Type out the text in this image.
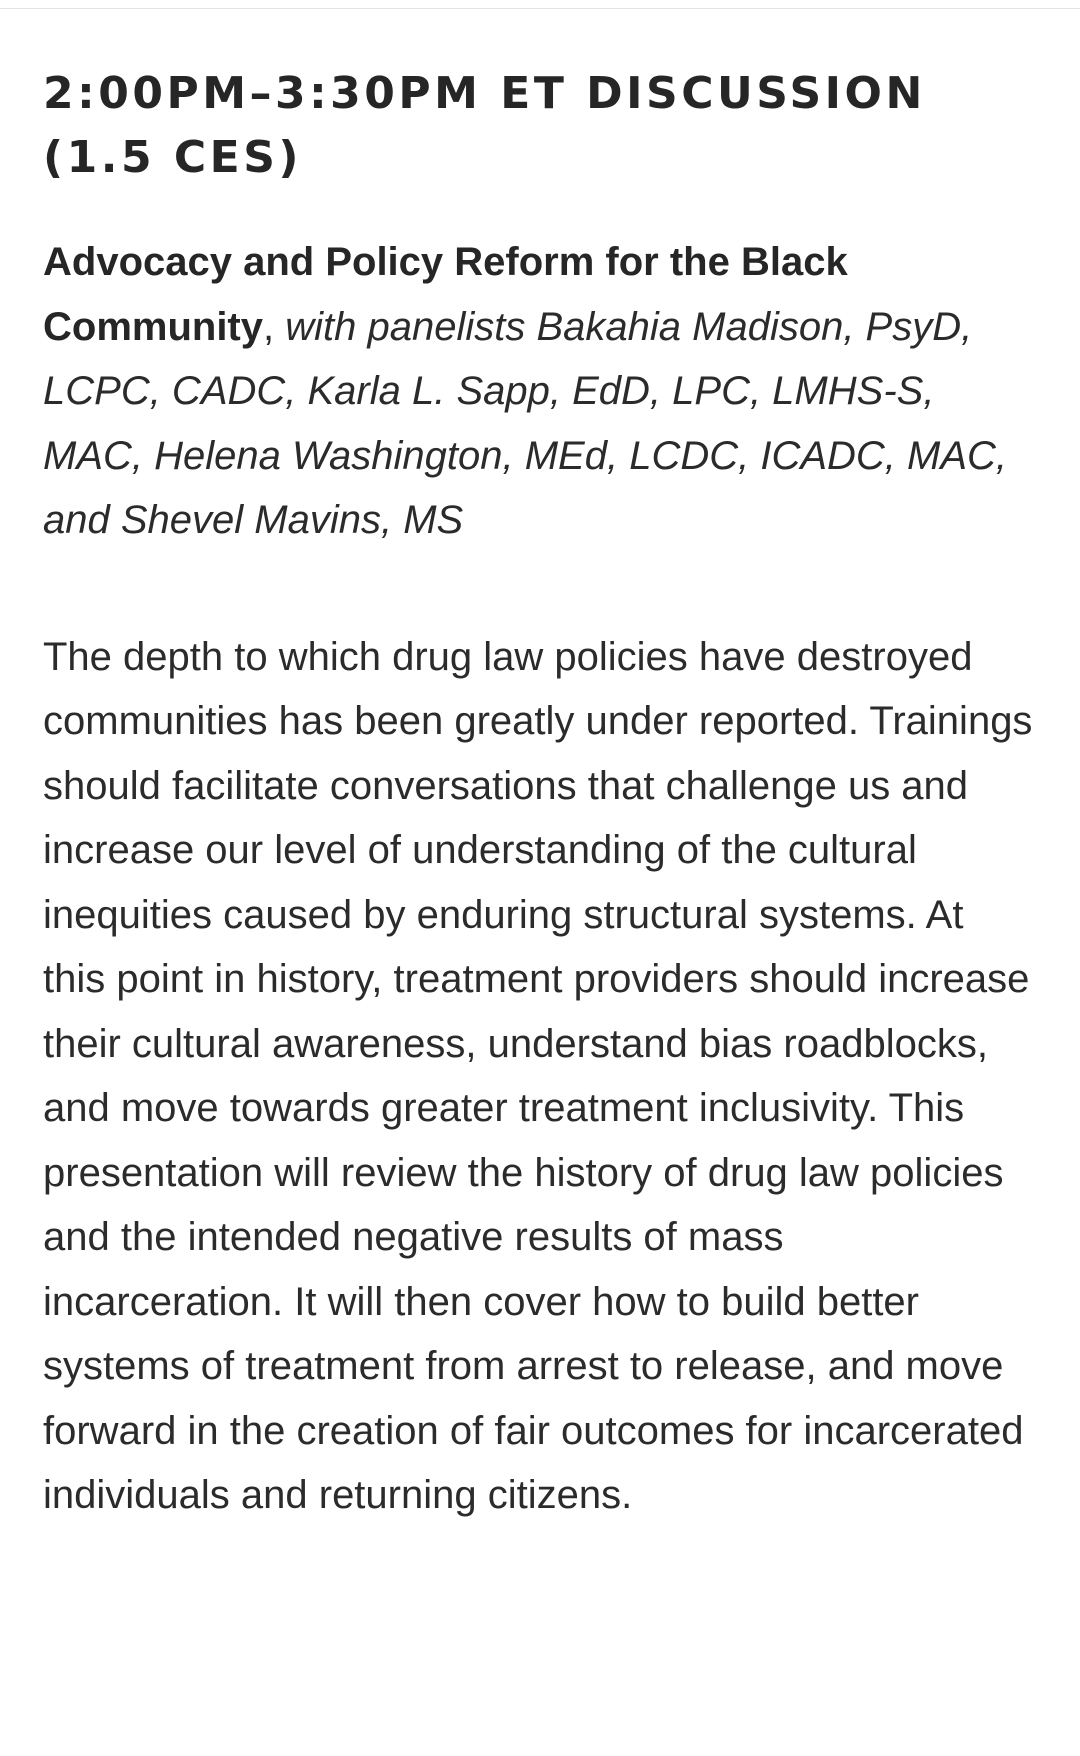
2:00PM–3:30PM ET DISCUSSION (1.5 CES)

Advocacy and Policy Reform for the Black Community, with panelists Bakahia Madison, PsyD, LCPC, CADC, Karla L. Sapp, EdD, LPC, LMHS-S, MAC, Helena Washington, MEd, LCDC, ICADC, MAC, and Shevel Mavins, MS

The depth to which drug law policies have destroyed communities has been greatly under reported. Trainings should facilitate conversations that challenge us and increase our level of understanding of the cultural inequities caused by enduring structural systems. At this point in history, treatment providers should increase their cultural awareness, understand bias roadblocks, and move towards greater treatment inclusivity. This presentation will review the history of drug law policies and the intended negative results of mass incarceration. It will then cover how to build better systems of treatment from arrest to release, and move forward in the creation of fair outcomes for incarcerated individuals and returning citizens.
